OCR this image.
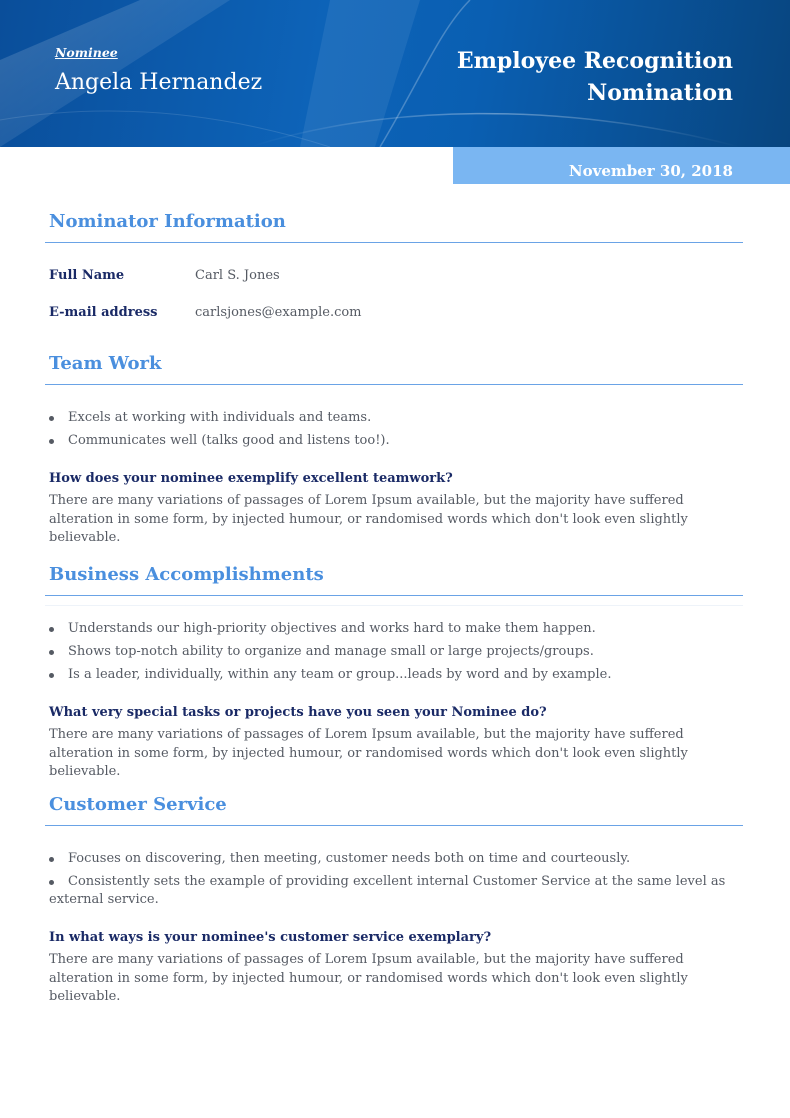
Nominee
Angela Hernandez
Employee Recognition
Nomination
November 30, 2018
Nominator Information
Full Name	Carl S. Jones
E-mail address	carlsjones@example.com
Team Work
Excels at working with individuals and teams.
Communicates well (talks good and listens too!).
How does your nominee exemplify excellent teamwork?
There are many variations of passages of Lorem Ipsum available, but the majority have suffered alteration in some form, by injected humour, or randomised words which don't look even slightly believable.
Business Accomplishments
Understands our high-priority objectives and works hard to make them happen.
Shows top-notch ability to organize and manage small or large projects/groups.
Is a leader, individually, within any team or group...leads by word and by example.
What very special tasks or projects have you seen your Nominee do?
There are many variations of passages of Lorem Ipsum available, but the majority have suffered alteration in some form, by injected humour, or randomised words which don't look even slightly believable.
Customer Service
Focuses on discovering, then meeting, customer needs both on time and courteously.
Consistently sets the example of providing excellent internal Customer Service at the same level as external service.
In what ways is your nominee's customer service exemplary?
There are many variations of passages of Lorem Ipsum available, but the majority have suffered alteration in some form, by injected humour, or randomised words which don't look even slightly believable.
